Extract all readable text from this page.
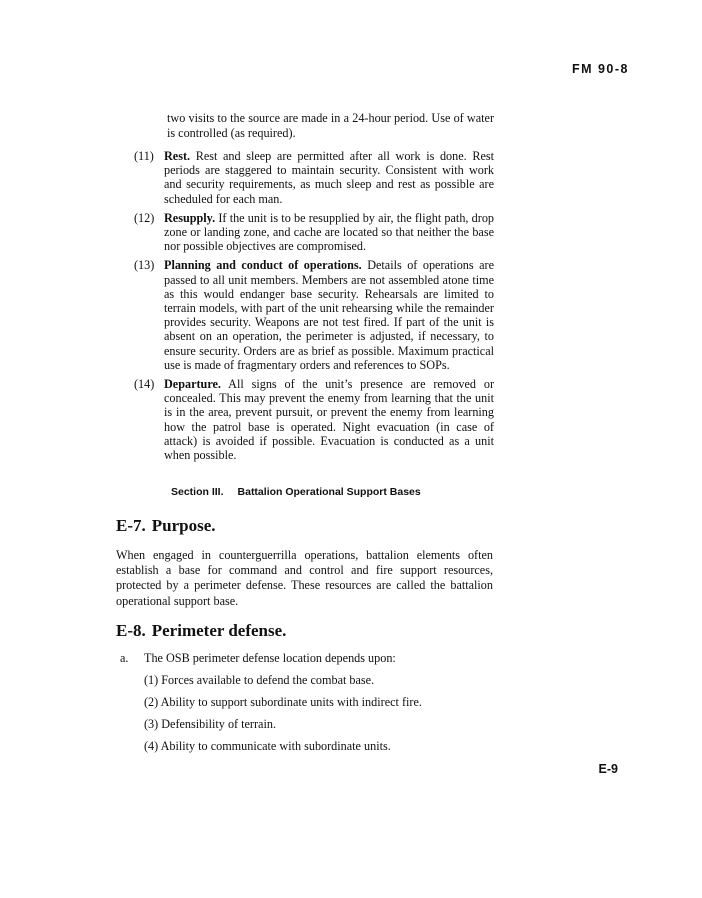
FM 90-8
two visits to the source are made in a 24-hour period. Use of water is controlled (as required).
(11) Rest. Rest and sleep are permitted after all work is done. Rest periods are staggered to maintain security. Consistent with work and security requirements, as much sleep and rest as possible are scheduled for each man.
(12) Resupply. If the unit is to be resupplied by air, the flight path, drop zone or landing zone, and cache are located so that neither the base nor possible objectives are compromised.
(13) Planning and conduct of operations. Details of operations are passed to all unit members. Members are not assembled atone time as this would endanger base security. Rehearsals are limited to terrain models, with part of the unit rehearsing while the remainder provides security. Weapons are not test fired. If part of the unit is absent on an operation, the perimeter is adjusted, if necessary, to ensure security. Orders are as brief as possible. Maximum practical use is made of fragmentary orders and references to SOPs.
(14) Departure. All signs of the unit’s presence are removed or concealed. This may prevent the enemy from learning that the unit is in the area, prevent pursuit, or prevent the enemy from learning how the patrol base is operated. Night evacuation (in case of attack) is avoided if possible. Evacuation is conducted as a unit when possible.
Section III. Battalion Operational Support Bases
E-7. Purpose.
When engaged in counterguerrilla operations, battalion elements often establish a base for command and control and fire support resources, protected by a perimeter defense. These resources are called the battalion operational support base.
E-8. Perimeter defense.
a. The OSB perimeter defense location depends upon:
(1) Forces available to defend the combat base.
(2) Ability to support subordinate units with indirect fire.
(3) Defensibility of terrain.
(4) Ability to communicate with subordinate units.
E-9
